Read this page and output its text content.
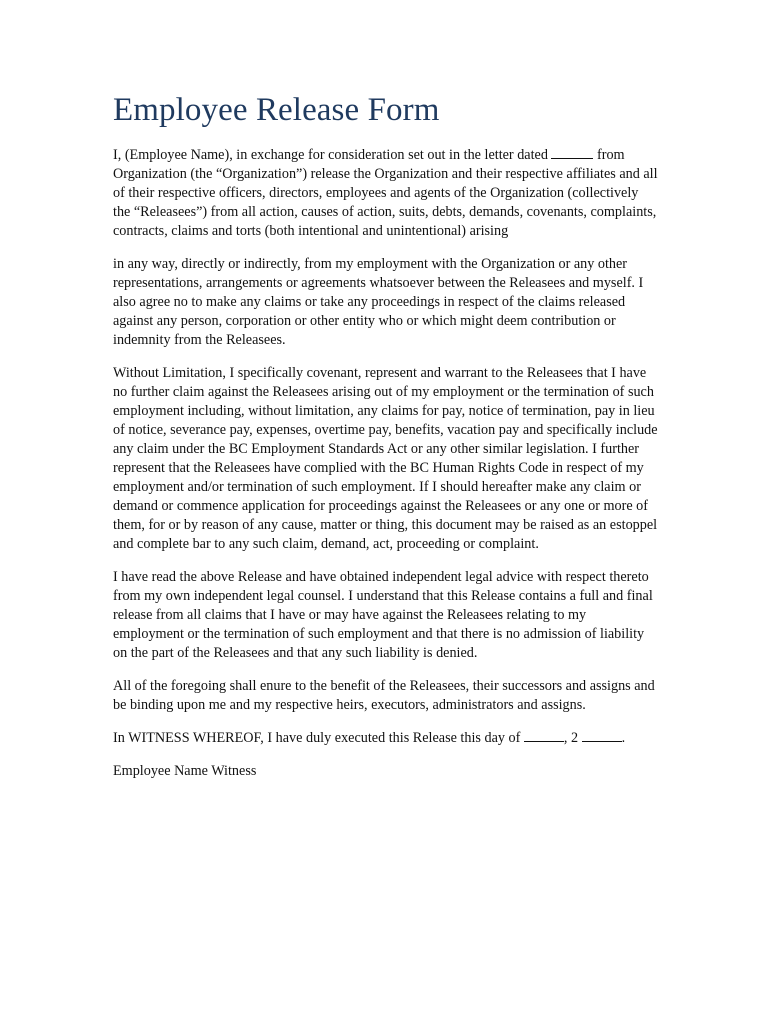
Employee Release Form

I, (Employee Name), in exchange for consideration set out in the letter dated	from Organization (the “Organization”) release the Organization and their respective affiliates and all of their respective officers, directors, employees and agents of the Organization (collectively the “Releasees”) from all action, causes of action, suits, debts, demands, covenants, complaints, contracts, claims and torts (both intentional and unintentional) arising

in any way, directly or indirectly, from my employment with the Organization or any other representations, arrangements or agreements whatsoever between the Releasees and myself. I also agree no to make any claims or take any proceedings in respect of the claims released against any person, corporation or other entity who or which might deem contribution or indemnity from the Releasees.

Without Limitation, I specifically covenant, represent and warrant to the Releasees that I have no further claim against the Releasees arising out of my employment or the termination of such employment including, without limitation, any claims for pay, notice of termination, pay in lieu of notice, severance pay, expenses, overtime pay, benefits, vacation pay and specifically include any claim under the BC Employment Standards Act or any other similar legislation. I further represent that the Releasees have complied with the BC Human Rights Code in respect of my employment and/or termination of such employment. If I should hereafter make any claim or demand or commence application for proceedings against the Releasees or any one or more of them, for or by reason of any cause, matter or thing, this document may be raised as an estoppel and complete bar to any such claim, demand, act, proceeding or complaint.

I have read the above Release and have obtained independent legal advice with respect thereto from my own independent legal counsel. I understand that this Release contains a full and final release from all claims that I have or may have against the Releasees relating to my employment or the termination of such employment and that there is no admission of liability on the part of the Releasees and that any such liability is denied.

All of the foregoing shall enure to the benefit of the Releasees, their successors and assigns and be binding upon me and my respective heirs, executors, administrators and assigns.

In WITNESS WHEREOF, I have duly executed this Release this day of	, 2	.

Employee Name Witness
